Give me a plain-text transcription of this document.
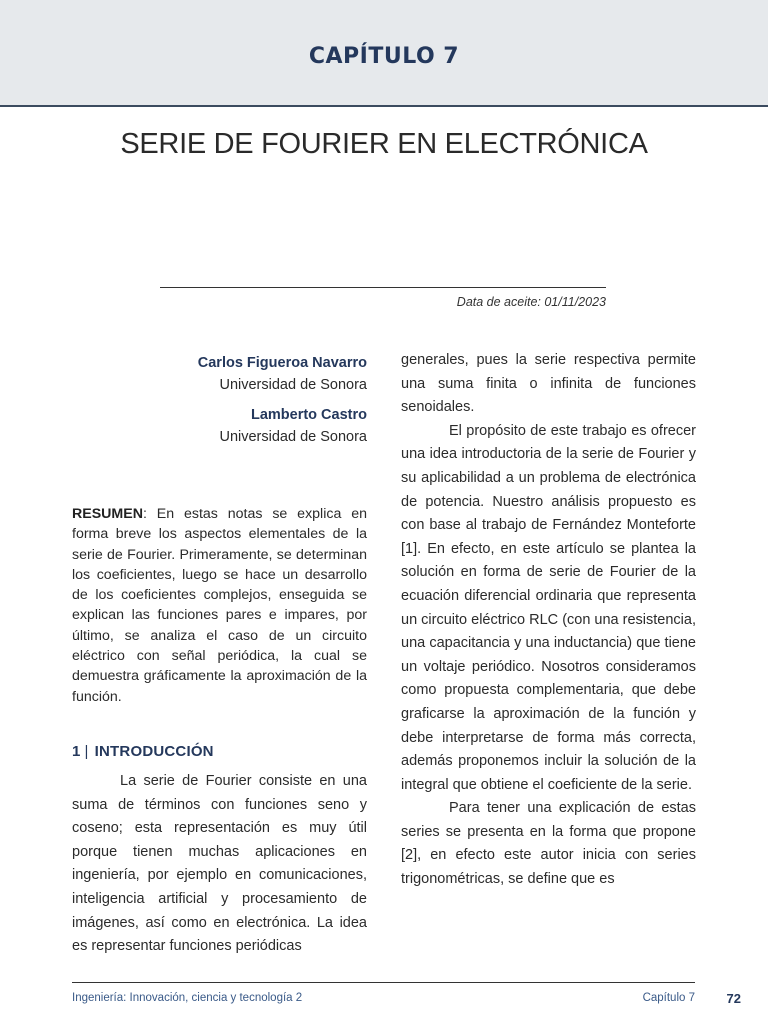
CAPÍTULO 7
SERIE DE FOURIER EN ELECTRÓNICA
Data de aceite: 01/11/2023
Carlos Figueroa Navarro
Universidad de Sonora
Lamberto Castro
Universidad de Sonora
RESUMEN: En estas notas se explica en forma breve los aspectos elementales de la serie de Fourier. Primeramente, se determinan los coeficientes, luego se hace un desarrollo de los coeficientes complejos, enseguida se explican las funciones pares e impares, por último, se analiza el caso de un circuito eléctrico con señal periódica, la cual se demuestra gráficamente la aproximación de la función.
1 | INTRODUCCIÓN
La serie de Fourier consiste en una suma de términos con funciones seno y coseno; esta representación es muy útil porque tienen muchas aplicaciones en ingeniería, por ejemplo en comunicaciones, inteligencia artificial y procesamiento de imágenes, así como en electrónica. La idea es representar funciones periódicas

generales, pues la serie respectiva permite una suma finita o infinita de funciones senoidales.

El propósito de este trabajo es ofrecer una idea introductoria de la serie de Fourier y su aplicabilidad a un problema de electrónica de potencia. Nuestro análisis propuesto es con base al trabajo de Fernández Monteforte [1]. En efecto, en este artículo se plantea la solución en forma de serie de Fourier de la ecuación diferencial ordinaria que representa un circuito eléctrico RLC (con una resistencia, una capacitancia y una inductancia) que tiene un voltaje periódico. Nosotros consideramos como propuesta complementaria, que debe graficarse la aproximación de la función y debe interpretarse de forma más correcta, además proponemos incluir la solución de la integral que obtiene el coeficiente de la serie.

Para tener una explicación de estas series se presenta en la forma que propone [2], en efecto este autor inicia con series trigonométricas, se define que es

Ingeniería: Innovación, ciencia y tecnología 2	Capítulo 7 72
